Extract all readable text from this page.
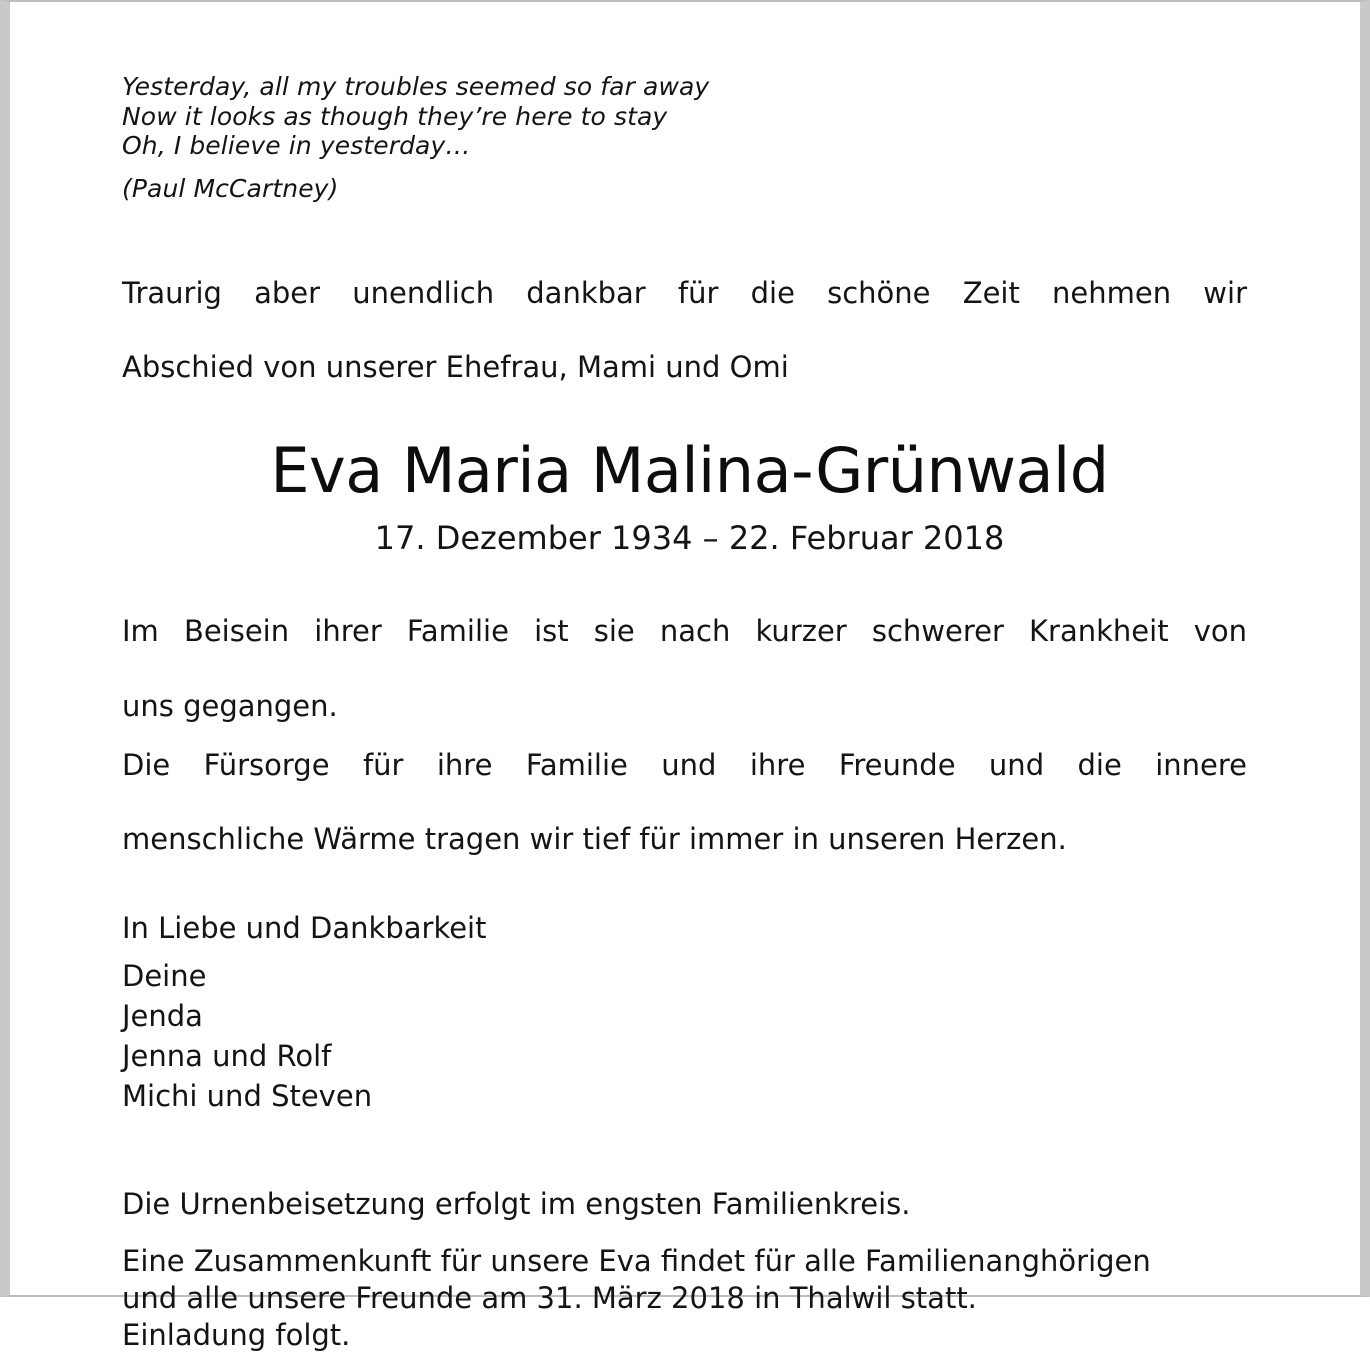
Yesterday, all my troubles seemed so far away
Now it looks as though they’re here to stay
Oh, I believe in yesterday…
(Paul McCartney)
Traurig aber unendlich dankbar für die schöne Zeit nehmen wir
Abschied von unserer Ehefrau, Mami und Omi
Eva Maria Malina-Grünwald
17. Dezember 1934 – 22. Februar 2018
Im Beisein ihrer Familie ist sie nach kurzer schwerer Krankheit von
uns gegangen.
Die Fürsorge für ihre Familie und ihre Freunde und die innere
menschliche Wärme tragen wir tief für immer in unseren Herzen.
In Liebe und Dankbarkeit
Deine
Jenda
Jenna und Rolf
Michi und Steven
Die Urnenbeisetzung erfolgt im engsten Familienkreis.
Eine Zusammenkunft für unsere Eva findet für alle Familienanghörigen
und alle unsere Freunde am 31. März 2018 in Thalwil statt.
Einladung folgt.
